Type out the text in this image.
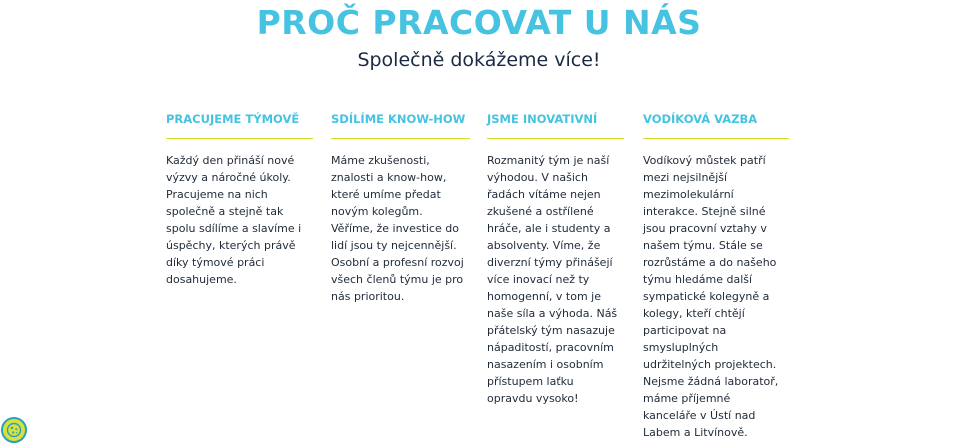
PROČ PRACOVAT U NÁS
Společně dokážeme více!
PRACUJEME TÝMOVĚ
Každý den přináší nové
výzvy a náročné úkoly.
Pracujeme na nich
společně a stejně tak
spolu sdílíme a slavíme i
úspěchy, kterých právě
díky týmové práci
dosahujeme.
SDÍLÍME KNOW-HOW
Máme zkušenosti,
znalosti a know-how,
které umíme předat
novým kolegům.
Věříme, že investice do
lidí jsou ty nejcennější.
Osobní a profesní rozvoj
všech členů týmu je pro
nás prioritou.
JSME INOVATIVNÍ
Rozmanitý tým je naší
výhodou. V našich
řadách vítáme nejen
zkušené a ostřílené
hráče, ale i studenty a
absolventy. Víme, že
diverzní týmy přinášejí
více inovací než ty
homogenní, v tom je
naše síla a výhoda. Náš
přátelský tým nasazuje
nápaditostí, pracovním
nasazením i osobním
přístupem laťku
opravdu vysoko!
VODÍKOVÁ VAZBA
Vodíkový můstek patří
mezi nejsilnější
mezimolekulární
interakce. Stejně silné
jsou pracovní vztahy v
našem týmu. Stále se
rozrůstáme a do našeho
týmu hledáme další
sympatické kolegyně a
kolegy, kteří chtějí
participovat na
smysluplných
udržitelných projektech.
Nejsme žádná laboratoř,
máme příjemné
kanceláře v Ústí nad
Labem a Litvínově.
